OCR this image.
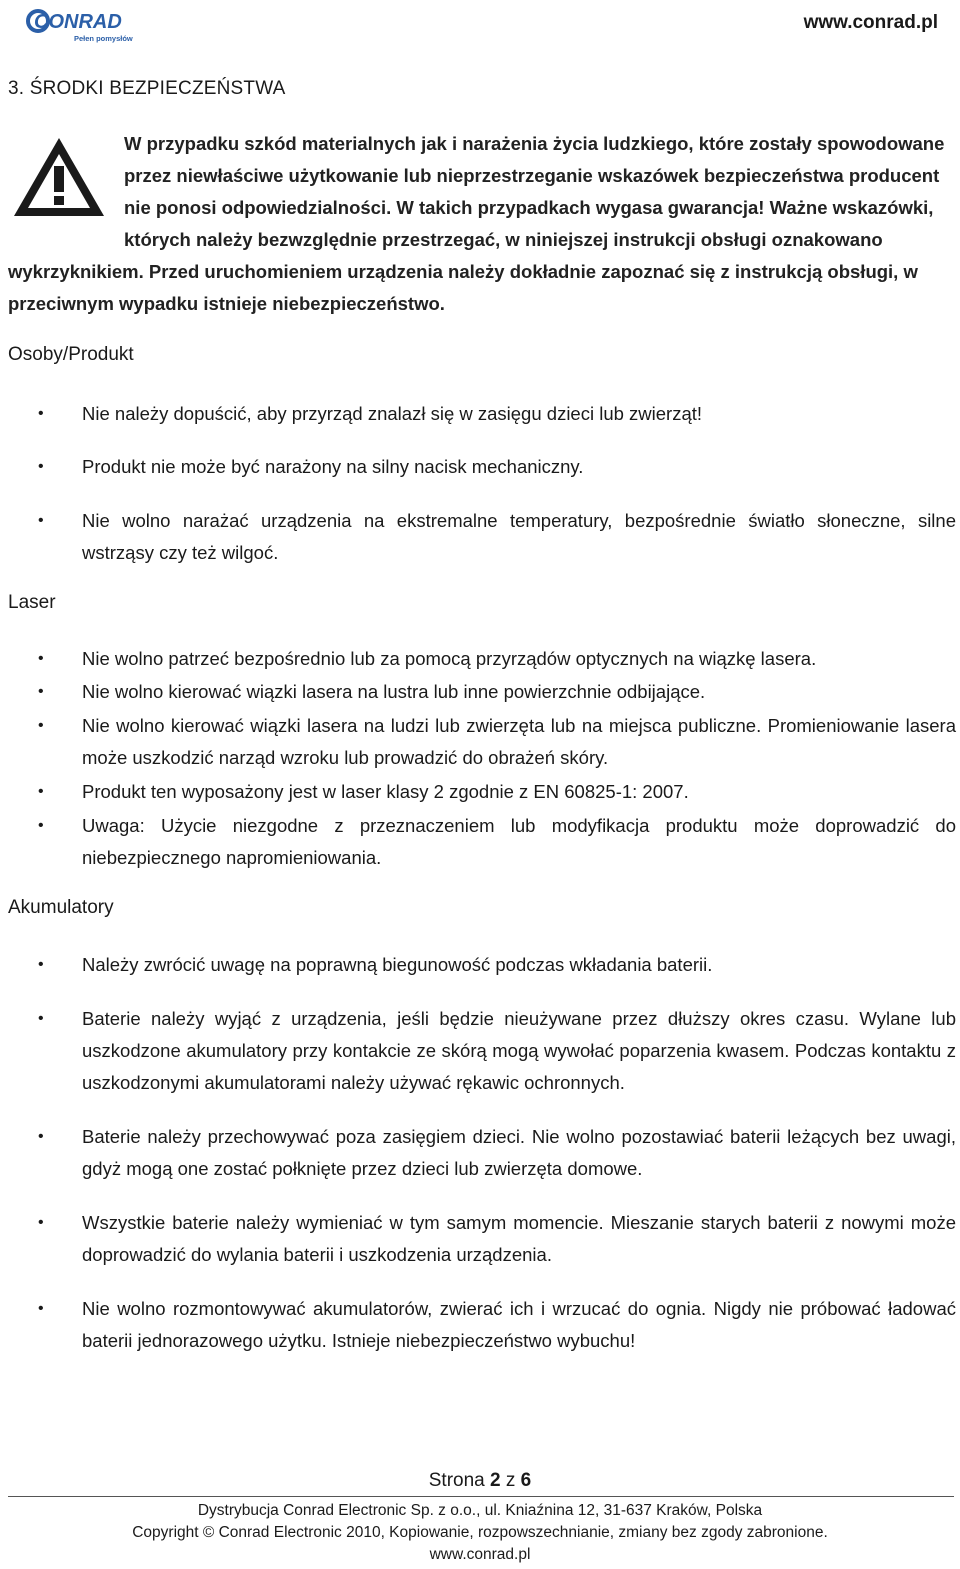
CONRAD
Pełen pomysłów
www.conrad.pl
3. ŚRODKI BEZPIECZEŃSTWA
W przypadku szkód materialnych jak i narażenia życia ludzkiego, które zostały spowodowane przez niewłaściwe użytkowanie lub nieprzestrzeganie wskazówek bezpieczeństwa producent nie ponosi odpowiedzialności. W takich przypadkach wygasa gwarancja! Ważne wskazówki, których należy bezwzględnie przestrzegać, w niniejszej instrukcji obsługi oznakowano wykrzyknikiem. Przed uruchomieniem urządzenia należy dokładnie zapoznać się z instrukcją obsługi, w przeciwnym wypadku istnieje niebezpieczeństwo.
Osoby/Produkt
• Nie należy dopuścić, aby przyrząd znalazł się w zasięgu dzieci lub zwierząt!
• Produkt nie może być narażony na silny nacisk mechaniczny.
• Nie wolno narażać urządzenia na ekstremalne temperatury, bezpośrednie światło słoneczne, silne wstrząsy czy też wilgoć.
Laser
• Nie wolno patrzeć bezpośrednio lub za pomocą przyrządów optycznych na wiązkę lasera.
• Nie wolno kierować wiązki lasera na lustra lub inne powierzchnie odbijające.
• Nie wolno kierować wiązki lasera na ludzi lub zwierzęta lub na miejsca publiczne. Promieniowanie lasera może uszkodzić narząd wzroku lub prowadzić do obrażeń skóry.
• Produkt ten wyposażony jest w laser klasy 2 zgodnie z EN 60825-1: 2007.
• Uwaga: Użycie niezgodne z przeznaczeniem lub modyfikacja produktu może doprowadzić do niebezpiecznego napromieniowania.
Akumulatory
• Należy zwrócić uwagę na poprawną biegunowość podczas wkładania baterii.
• Baterie należy wyjąć z urządzenia, jeśli będzie nieużywane przez dłuższy okres czasu. Wylane lub uszkodzone akumulatory przy kontakcie ze skórą mogą wywołać poparzenia kwasem. Podczas kontaktu z uszkodzonymi akumulatorami należy używać rękawic ochronnych.
• Baterie należy przechowywać poza zasięgiem dzieci. Nie wolno pozostawiać baterii leżących bez uwagi, gdyż mogą one zostać połknięte przez dzieci lub zwierzęta domowe.
• Wszystkie baterie należy wymieniać w tym samym momencie. Mieszanie starych baterii z nowymi może doprowadzić do wylania baterii i uszkodzenia urządzenia.
• Nie wolno rozmontowywać akumulatorów, zwierać ich i wrzucać do ognia. Nigdy nie próbować ładować baterii jednorazowego użytku. Istnieje niebezpieczeństwo wybuchu!
Strona 2 z 6
Dystrybucja Conrad Electronic Sp. z o.o., ul. Kniaźnina 12, 31-637 Kraków, Polska
Copyright © Conrad Electronic 2010, Kopiowanie, rozpowszechnianie, zmiany bez zgody zabronione.
www.conrad.pl
